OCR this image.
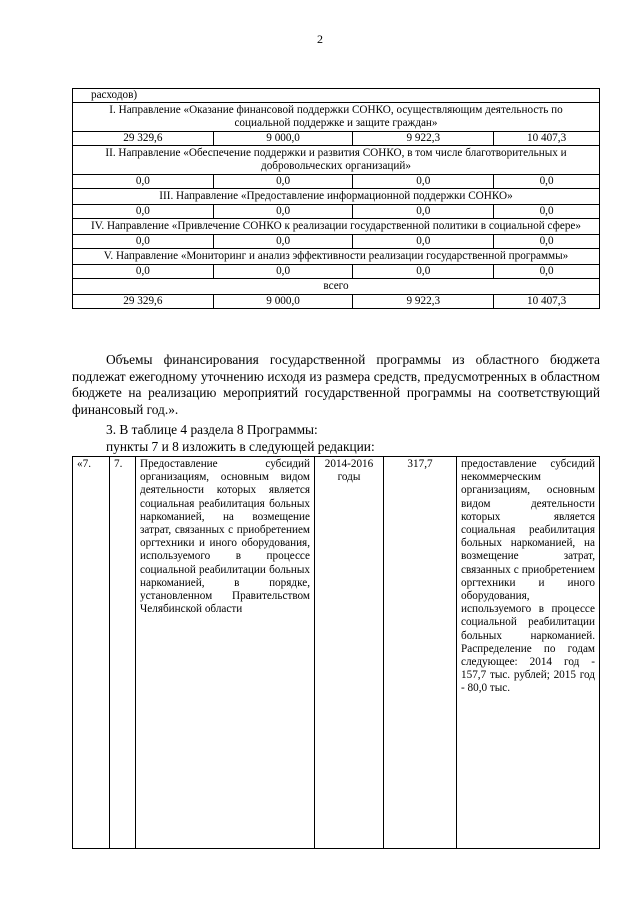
2
расходов)			
I. Направление «Оказание финансовой поддержки СОНКО, осуществляющим деятельность по социальной поддержке и защите граждан»			
29 329,6	9 000,0	9 922,3	10 407,3
II. Направление «Обеспечение поддержки и развития СОНКО, в том числе благотворительных и добровольческих организаций»			
0,0	0,0	0,0	0,0
III. Направление «Предоставление информационной поддержки СОНКО»			
0,0	0,0	0,0	0,0
IV. Направление «Привлечение СОНКО к реализации государственной политики в социальной сфере»			
0,0	0,0	0,0	0,0
V. Направление «Мониторинг и анализ эффективности реализации государственной программы»			
0,0	0,0	0,0	0,0
всего			
29 329,6	9 000,0	9 922,3	10 407,3
Объемы финансирования государственной программы из областного бюджета подлежат ежегодному уточнению исходя из размера средств, предусмотренных в областном бюджете на реализацию мероприятий государственной программы на соответствующий финансовый год.».
3. В таблице 4 раздела 8 Программы:
пункты 7 и 8 изложить в следующей редакции:
«7.	7.	Предоставление субсидий организациям, основным видом деятельности которых является социальная реабилитация больных наркоманией, на возмещение затрат, связанных с приобретением оргтехники и иного оборудования, используемого в процессе социальной реабилитации больных наркоманией, в порядке, установленном Правительством Челябинской области	2014-2016 годы	317,7	предоставление субсидий некоммерческим организациям, основным видом деятельности которых является социальная реабилитация больных наркоманией, на возмещение затрат, связанных с приобретением оргтехники и иного оборудования, используемого в процессе социальной реабилитации больных наркоманией. Распределение по годам следующее: 2014 год - 157,7 тыс. рублей; 2015 год - 80,0 тыс.
